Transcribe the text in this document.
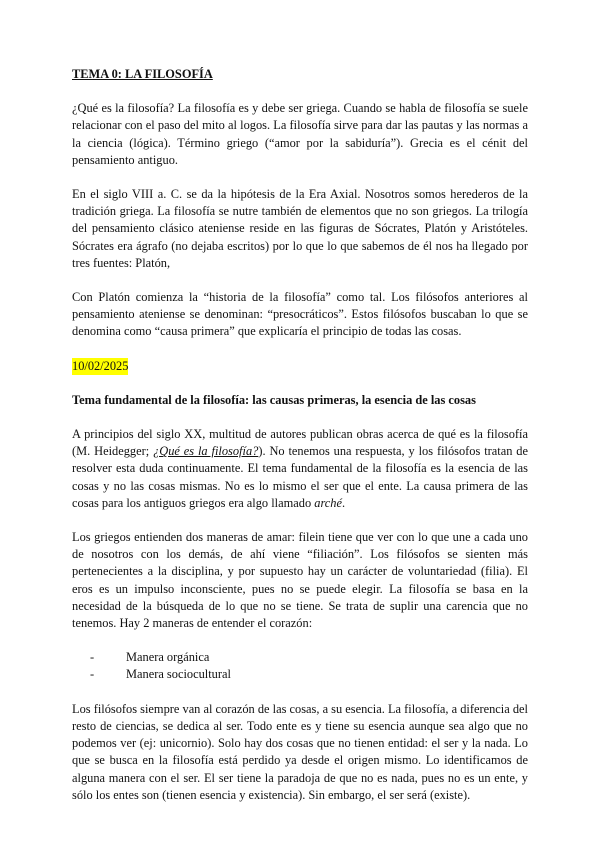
TEMA 0: LA FILOSOFÍA

¿Qué es la filosofía? La filosofía es y debe ser griega. Cuando se habla de filosofía se suele relacionar con el paso del mito al logos. La filosofía sirve para dar las pautas y las normas a la ciencia (lógica). Término griego (“amor por la sabiduría”). Grecia es el cénit del pensamiento antiguo.

En el siglo VIII a. C. se da la hipótesis de la Era Axial. Nosotros somos herederos de la tradición griega. La filosofía se nutre también de elementos que no son griegos. La trilogía del pensamiento clásico ateniense reside en las figuras de Sócrates, Platón y Aristóteles. Sócrates era ágrafo (no dejaba escritos) por lo que lo que sabemos de él nos ha llegado por tres fuentes: Platón,

Con Platón comienza la “historia de la filosofía” como tal. Los filósofos anteriores al pensamiento ateniense se denominan: “presocráticos”. Estos filósofos buscaban lo que se denomina como “causa primera” que explicaría el principio de todas las cosas.

10/02/2025
Tema fundamental de la filosofía: las causas primeras, la esencia de las cosas

A principios del siglo XX, multitud de autores publican obras acerca de qué es la filosofía (M. Heidegger; ¿Qué es la filosofía?). No tenemos una respuesta, y los filósofos tratan de resolver esta duda continuamente. El tema fundamental de la filosofía es la esencia de las cosas y no las cosas mismas. No es lo mismo el ser que el ente. La causa primera de las cosas para los antiguos griegos era algo llamado arché.

Los griegos entienden dos maneras de amar: filein tiene que ver con lo que une a cada uno de nosotros con los demás, de ahí viene “filiación”. Los filósofos se sienten más pertenecientes a la disciplina, y por supuesto hay un carácter de voluntariedad (filia). El eros es un impulso inconsciente, pues no se puede elegir. La filosofía se basa en la necesidad de la búsqueda de lo que no se tiene. Se trata de suplir una carencia que no tenemos. Hay 2 maneras de entender el corazón:

-	Manera orgánica
-	Manera sociocultural

Los filósofos siempre van al corazón de las cosas, a su esencia. La filosofía, a diferencia del resto de ciencias, se dedica al ser. Todo ente es y tiene su esencia aunque sea algo que no podemos ver (ej: unicornio). Solo hay dos cosas que no tienen entidad: el ser y la nada. Lo que se busca en la filosofía está perdido ya desde el origen mismo. Lo identificamos de alguna manera con el ser. El ser tiene la paradoja de que no es nada, pues no es un ente, y sólo los entes son (tienen esencia y existencia). Sin embargo, el ser será (existe).
